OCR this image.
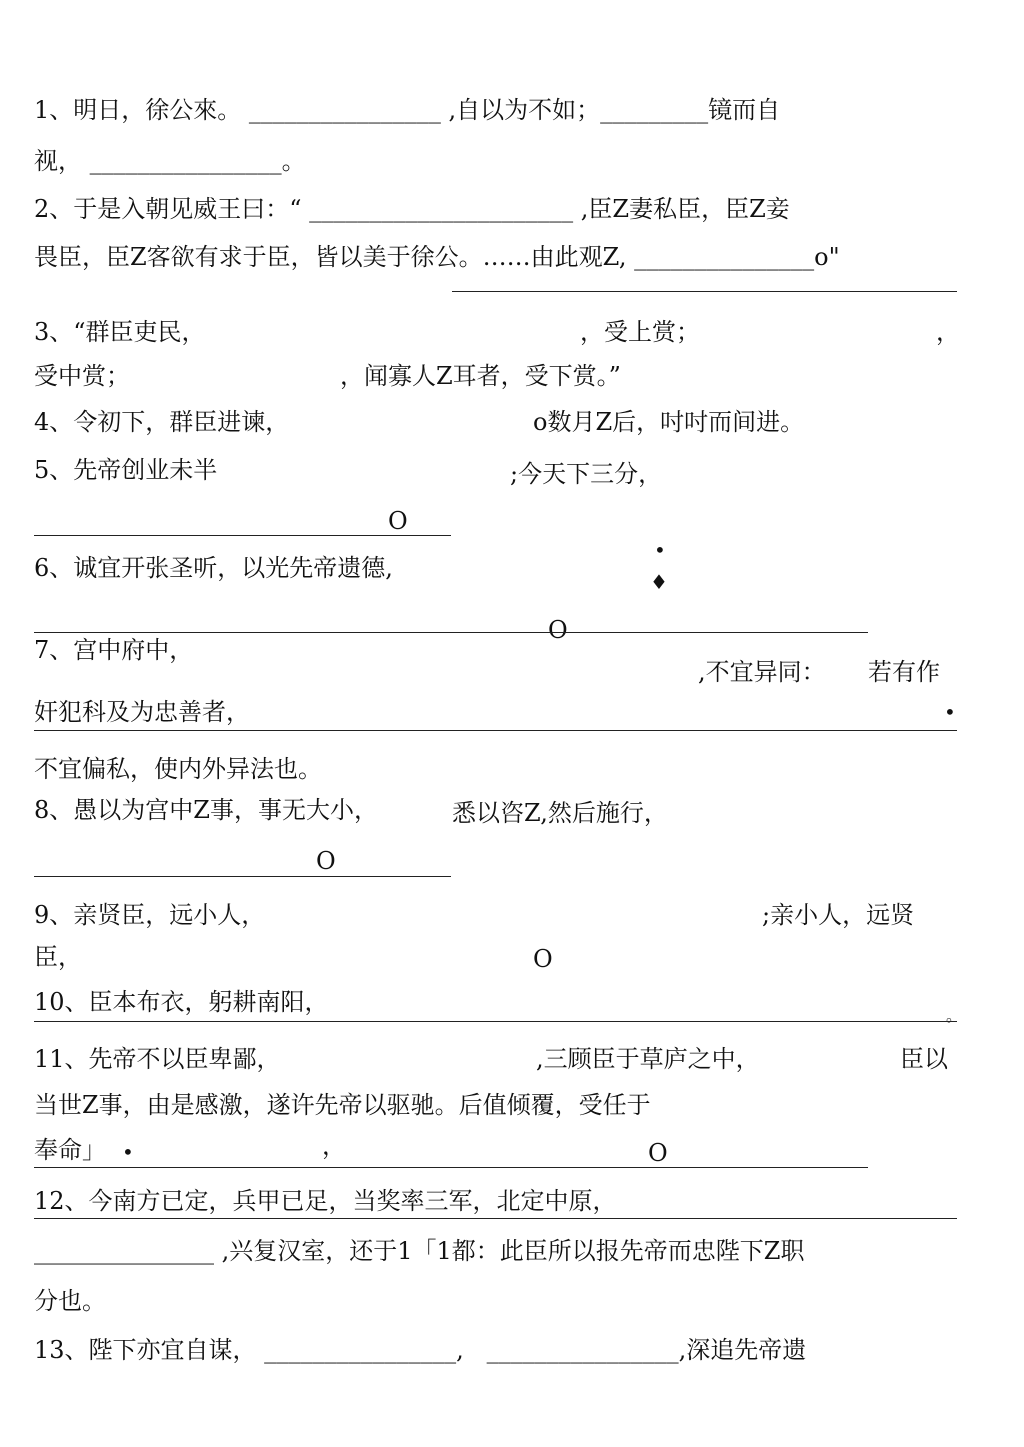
1、明日，徐公來。 ________________ ,自以为不如；_________镜而自
视， ________________。
2、于是入朝见威王曰：“ ______________________ ,臣Z妻私臣，臣Z妾
畏臣，臣Z客欲有求于臣，皆以美于徐公。……由此观Z, _______________o"
3、“群臣吏民，	，受上赏；	，
受中赏；	，闻寡人Z耳者，受下赏。”
4、令初下，群臣进谏，	o数月Z后，吋吋而间进。
5、先帝创业未半	;今天下三分，
O
6、诚宜开张圣听，以光先帝遗德,
•
♦
O
7、宫中府中，
,不宜异同： 若有作
奸犯科及为忠善者，	•
不宜偏私，使内外异法也。
8、愚以为宫中Z事，事无大小，	悉以咨Z,然后施行，
O
9、亲贤臣，远小人，	;亲小人，远贤
臣，	O
10、臣本布衣，躬耕南阳，	。
11、先帝不以臣卑鄙，	,三顾臣于草庐之中，	臣以
当世Z事，由是感激，遂许先帝以驱驰。后值倾覆，受任于
奉命」 •	，	O
12、今南方已定，兵甲已足，当奖率三军，北定中原，
_______________ ,兴复汉室，还于1「1都：此臣所以报先帝而忠陛下Z职
分也。
13、陛下亦宜自谋， ________________,   ________________,深追先帝遗
